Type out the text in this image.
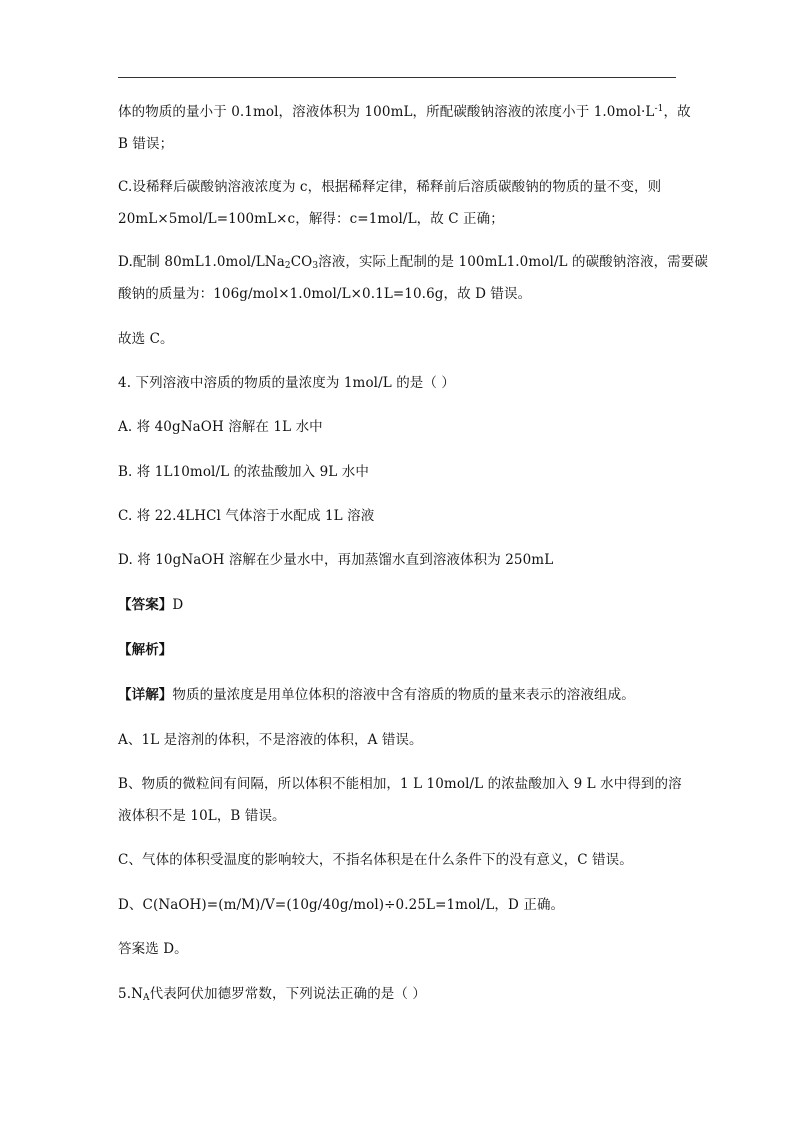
体的物质的量小于 0.1mol，溶液体积为 100mL，所配碳酸钠溶液的浓度小于 $1.0mol\cdot L^{-1}$，故
B 错误；
C.设稀释后碳酸钠溶液浓度为 c，根据稀释定律，稀释前后溶质碳酸钠的物质的量不变，则
20mL×5mol/L=100mL×c，解得：c=1mol/L，故 C 正确；
D.配制 $80mL1.0mol/LNa_2CO_3$溶液，实际上配制的是 100mL1.0mol/L 的碳酸钠溶液，需要碳
酸钠的质量为：106g/mol×1.0mol/L×0.1L=10.6g，故 D 错误。
故选 C。
4. 下列溶液中溶质的物质的量浓度为 1mol/L 的是（ ）
A. 将 40gNaOH 溶解在 1L 水中
B. 将 1L10mol/L 的浓盐酸加入 9L 水中
C. 将 22.4LHCl 气体溶于水配成 1L 溶液
D. 将 10gNaOH 溶解在少量水中，再加蒸馏水直到溶液体积为 250mL
【答案】D
【解析】
【详解】物质的量浓度是用单位体积的溶液中含有溶质的物质的量来表示的溶液组成。
A、1L 是溶剂的体积，不是溶液的体积，A 错误。
B、物质的微粒间有间隔，所以体积不能相加，1 L 10mol/L 的浓盐酸加入 9 L 水中得到的溶
液体积不是 10L，B 错误。
C、气体的体积受温度的影响较大，不指名体积是在什么条件下的没有意义，C 错误。
D、C(NaOH)=(m/M)/V=(10g/40g/mol)÷0.25L=1mol/L，D 正确。
答案选 D。
$5.N_A$代表阿伏加德罗常数，下列说法正确的是（ ）
